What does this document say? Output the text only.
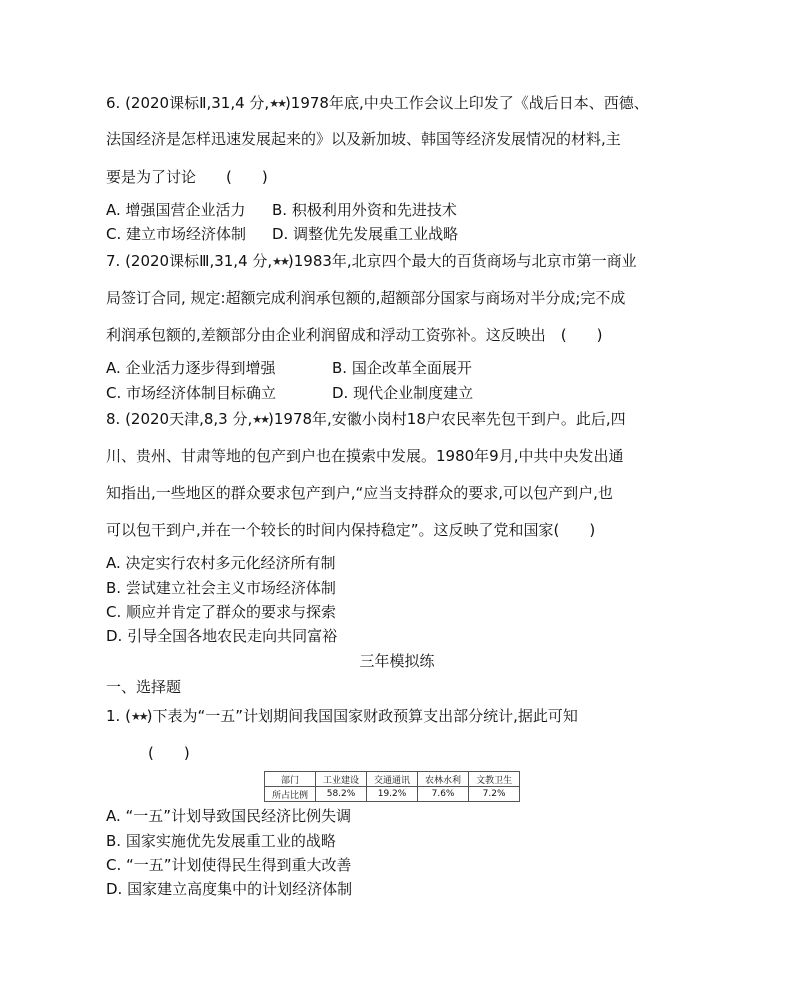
6. (2020课标Ⅱ,31,4 分,★★)1978年底,中央工作会议上印发了《战后日本、西德、
法国经济是怎样迅速发展起来的》以及新加坡、韩国等经济发展情况的材料,主
要是为了讨论　　(　　)
A. 增强国营企业活力 B. 积极利用外资和先进技术
C. 建立市场经济体制 D. 调整优先发展重工业战略
7. (2020课标Ⅲ,31,4 分,★★)1983年,北京四个最大的百货商场与北京市第一商业
局签订合同, 规定:超额完成利润承包额的,超额部分国家与商场对半分成;完不成
利润承包额的,差额部分由企业利润留成和浮动工资弥补。这反映出　(　　)
A. 企业活力逐步得到增强	B. 国企改革全面展开
C. 市场经济体制目标确立	D. 现代企业制度建立
8. (2020天津,8,3 分,★★)1978年,安徽小岗村18户农民率先包干到户。此后,四
川、贵州、甘肃等地的包产到户也在摸索中发展。1980年9月,中共中央发出通
知指出,一些地区的群众要求包产到户,“应当支持群众的要求,可以包产到户,也
可以包干到户,并在一个较长的时间内保持稳定”。这反映了党和国家(　　)
A. 决定实行农村多元化经济所有制
B. 尝试建立社会主义市场经济体制
C. 顺应并肯定了群众的要求与探索
D. 引导全国各地农民走向共同富裕
三年模拟练
一、选择题
1. (★★)下表为“一五”计划期间我国国家财政预算支出部分统计,据此可知
(　　)
部门	工业建设	交通通讯	农林水利	文教卫生
所占比例	58.2%	19.2%	7.6%	7.2%
A. “一五”计划导致国民经济比例失调
B. 国家实施优先发展重工业的战略
C. “一五”计划使得民生得到重大改善
D. 国家建立高度集中的计划经济体制
